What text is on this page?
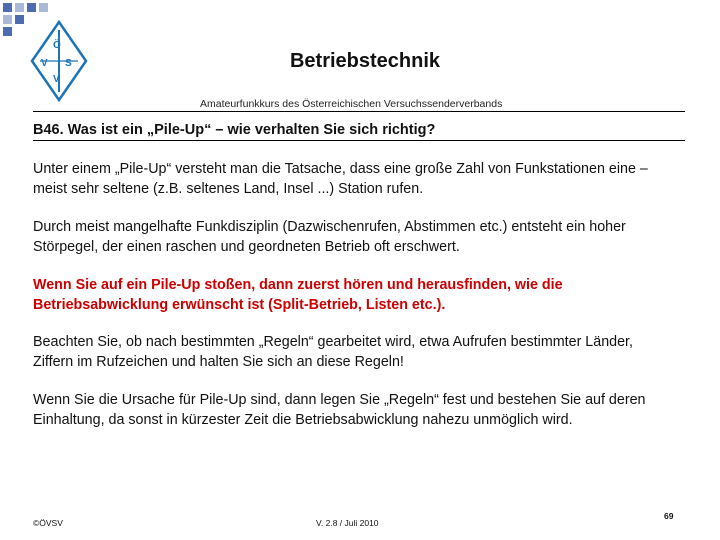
Ö
V S
V
Betriebstechnik
Amateurfunkkurs des Österreichischen Versuchssenderverbands
B46. Was ist ein „Pile-Up“ – wie verhalten Sie sich richtig?
Unter einem „Pile-Up“ versteht man die Tatsache, dass eine große Zahl von Funkstationen eine – meist sehr seltene (z.B. seltenes Land, Insel ...) Station rufen.
Durch meist mangelhafte Funkdisziplin (Dazwischenrufen, Abstimmen etc.) entsteht ein hoher Störpegel, der einen raschen und geordneten Betrieb oft erschwert.
Wenn Sie auf ein Pile-Up stoßen, dann zuerst hören und herausfinden, wie die Betriebsabwicklung erwünscht ist (Split-Betrieb, Listen etc.).
Beachten Sie, ob nach bestimmten „Regeln“ gearbeitet wird, etwa Aufrufen bestimmter Länder, Ziffern im Rufzeichen und halten Sie sich an diese Regeln!
Wenn Sie die Ursache für Pile-Up sind, dann legen Sie „Regeln“ fest und bestehen Sie auf deren Einhaltung, da sonst in kürzester Zeit die Betriebsabwicklung nahezu unmöglich wird.
©ÖVSV	V. 2.8 / Juli 2010
69
